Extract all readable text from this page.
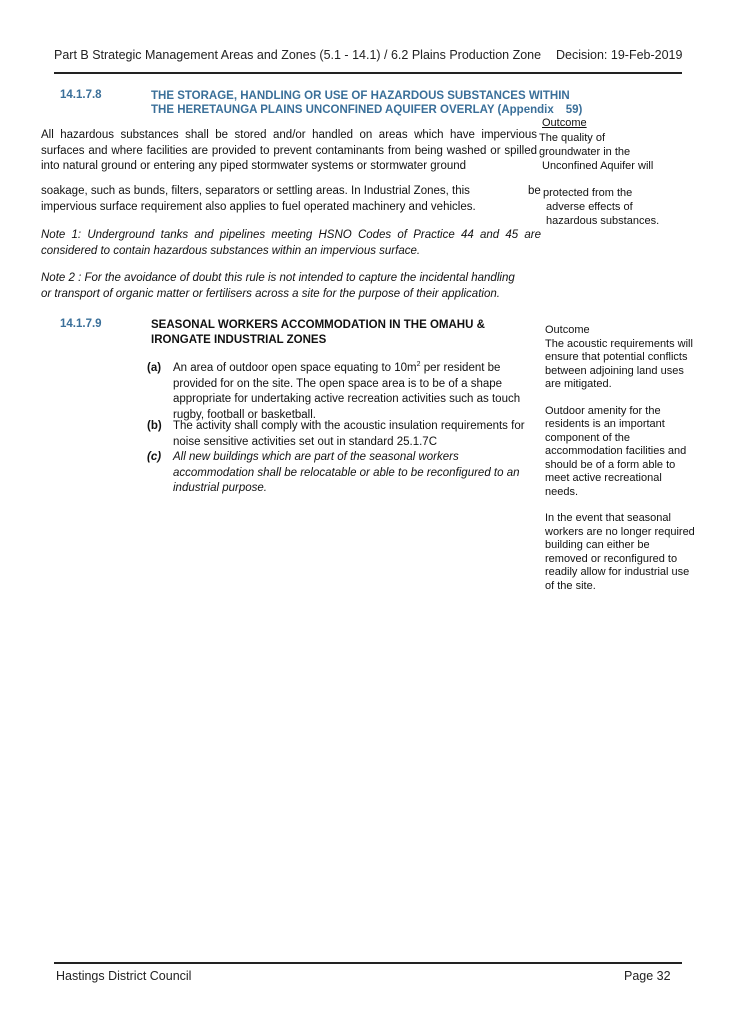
Part B Strategic Management Areas and Zones (5.1 - 14.1) / 6.2 Plains Production Zone Decision: 19-Feb-2019

14.1.7.8	THE STORAGE, HANDLING OR USE OF HAZARDOUS SUBSTANCES WITHIN

THE HERETAUNGA PLAINS UNCONFINED AQUIFER OVERLAY (Appendix 59)

All hazardous substances shall be stored and/or handled on areas which have impervious
surfaces and where facilities are provided to prevent contaminants from being washed or spilled
into natural ground or entering any piped stormwater systems or stormwater ground

soakage, such as bunds, filters, separators or settling areas. In Industrial Zones, this	be

impervious surface requirement also applies to fuel operated machinery and vehicles.

Note 1: Underground tanks and pipelines meeting HSNO Codes of Practice 44 and 45 are
considered to contain hazardous substances within an impervious surface.
Note 2 : For the avoidance of doubt this rule is not intended to capture the incidental handling
or transport of organic matter or fertilisers across a site for the purpose of their application.

Outcome

The quality of

groundwater in the

Unconfined Aquifer will

protected from the

adverse effects of

hazardous substances.

14.1.7.9	SEASONAL WORKERS ACCOMMODATION IN THE OMAHU &

IRONGATE INDUSTRIAL ZONES

(a) An area of outdoor open space equating to $10m^2$ per resident be provided for on the site. The open space area is to be of a shape appropriate for undertaking active recreation activities such as touch rugby, football or basketball.

(b) The activity shall comply with the acoustic insulation requirements for noise sensitive activities set out in standard 25.1.7C

(c) All new buildings which are part of the seasonal workers accommodation shall be relocatable or able to be reconfigured to an industrial purpose.

Outcome
The acoustic requirements will ensure that potential conflicts between adjoining land uses are mitigated.
Outdoor amenity for the residents is an important component of the accommodation facilities and should be of a form able to meet active recreational needs.
In the event that seasonal workers are no longer required building can either be removed or reconfigured to readily allow for industrial use of the site.

Hastings District Council	Page 32
